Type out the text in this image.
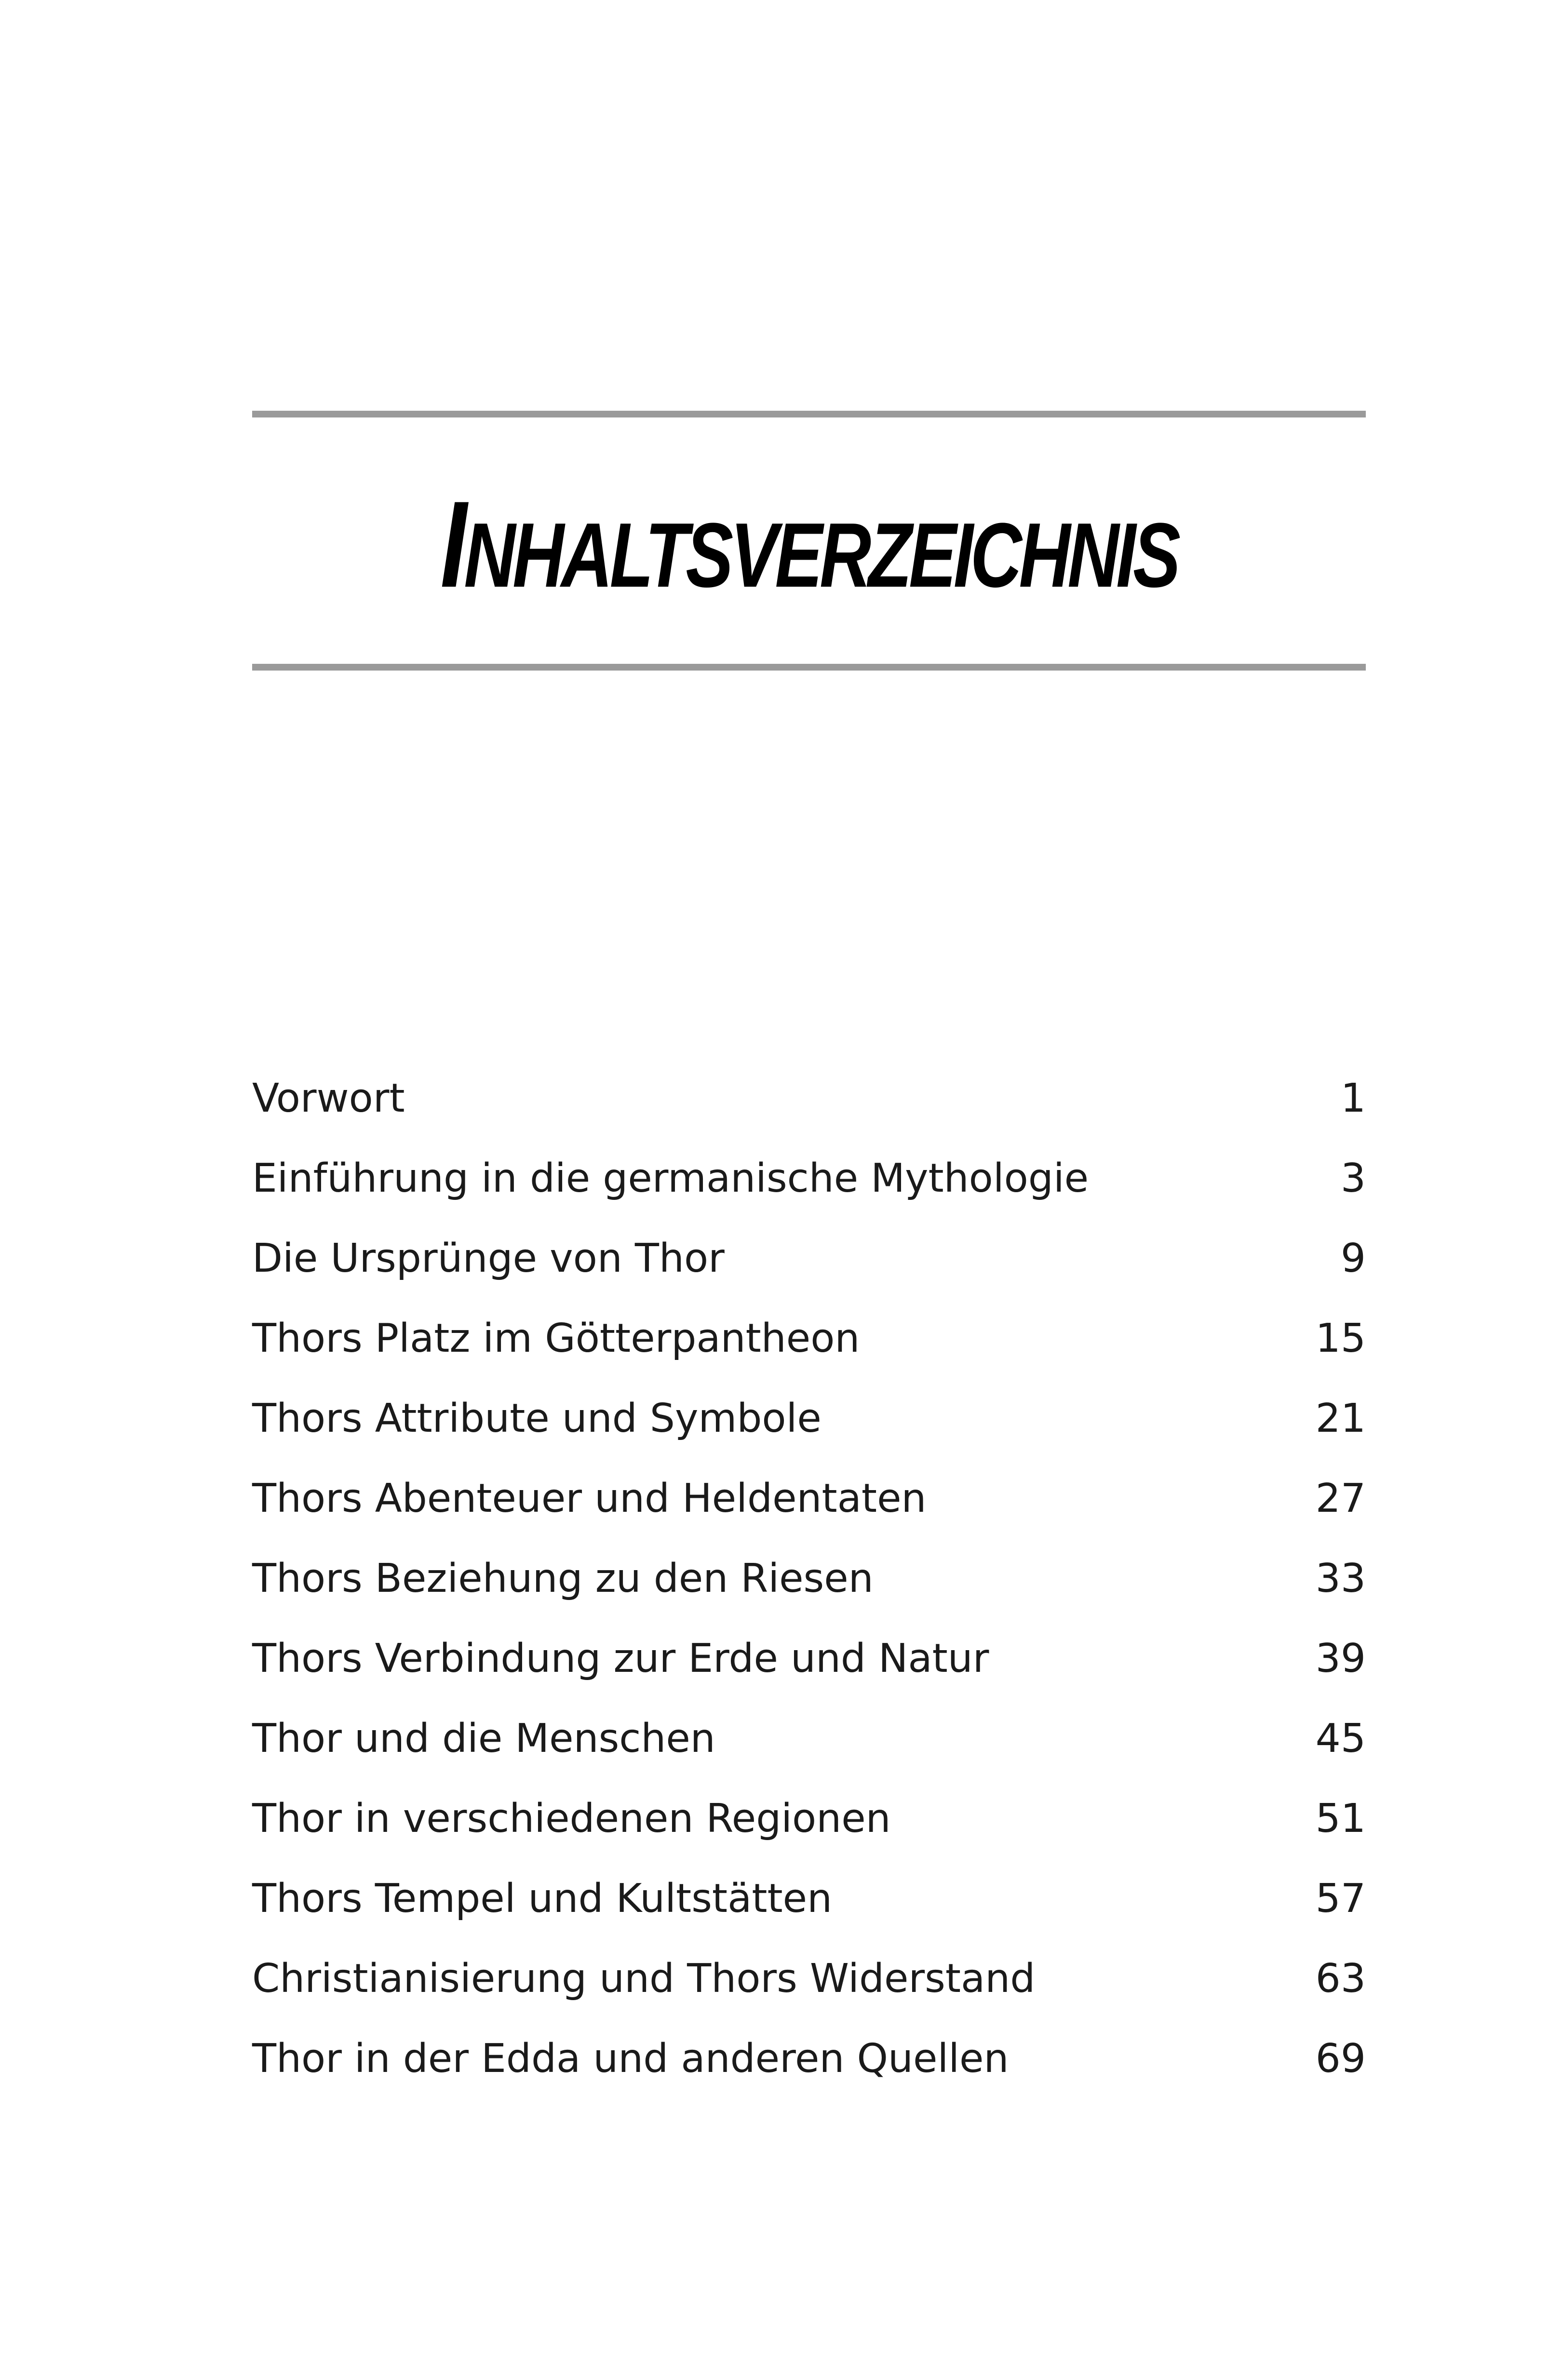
INHALTSVERZEICHNIS
Vorwort	1
Einführung in die germanische Mythologie	3
Die Ursprünge von Thor	9
Thors Platz im Götterpantheon	15
Thors Attribute und Symbole	21
Thors Abenteuer und Heldentaten	27
Thors Beziehung zu den Riesen	33
Thors Verbindung zur Erde und Natur	39
Thor und die Menschen	45
Thor in verschiedenen Regionen	51
Thors Tempel und Kultstätten	57
Christianisierung und Thors Widerstand	63
Thor in der Edda und anderen Quellen	69
